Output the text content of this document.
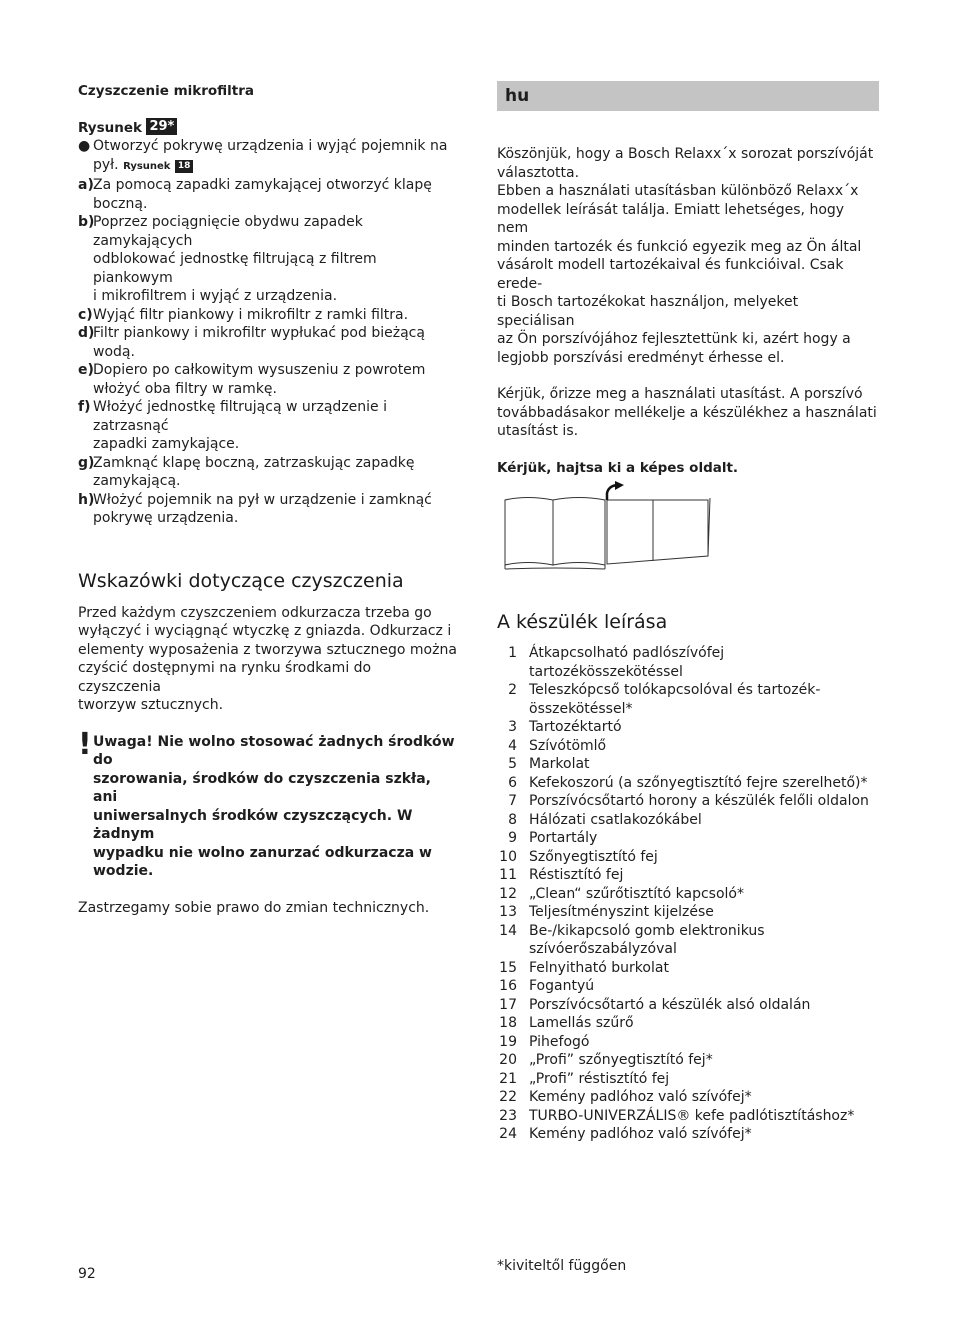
Czyszczenie mikrofiltra
Rysunek 29*
● Otworzyć pokrywę urządzenia i wyjąć pojemnik na pył. Rysunek 18
a) Za pomocą zapadki zamykającej otworzyć klapę
boczną.
b)
Poprzez pociągnięcie obydwu zapadek zamykających
odblokować jednostkę filtrującą z filtrem piankowym
i mikrofiltrem i wyjąć z urządzenia.
c) Wyjąć filtr piankowy i mikrofiltr z ramki filtra.
d)
Filtr piankowy i mikrofiltr wypłukać pod bieżącą
wodą.
e) Dopiero po całkowitym wysuszeniu z powrotem
włożyć oba filtry w ramkę.
f) Włożyć jednostkę filtrującą w urządzenie i zatrzasnąć
zapadki zamykające.
g)
Zamknąć klapę boczną, zatrzaskując zapadkę
zamykającą.
h)
Włożyć pojemnik na pył w urządzenie i zamknąć
pokrywę urządzenia.
Wskazówki dotyczące czyszczenia
Przed każdym czyszczeniem odkurzacza trzeba go
wyłączyć i wyciągnąć wtyczkę z gniazda. Odkurzacz i
elementy wyposażenia z tworzywa sztucznego można
czyścić dostępnymi na rynku środkami do czyszczenia
tworzyw sztucznych.
! Uwaga! Nie wolno stosować żadnych środków do
szorowania, środków do czyszczenia szkła, ani
uniwersalnych środków czyszczących. W żadnym
wypadku nie wolno zanurzać odkurzacza w wodzie.
Zastrzegamy sobie prawo do zmian technicznych.
hu
Köszönjük, hogy a Bosch Relaxx´x sorozat porszívóját
választotta.
Ebben a használati utasításban különböző Relaxx´x
modellek leírását találja. Emiatt lehetséges, hogy nem
minden tartozék és funkció egyezik meg az Ön által
vásárolt modell tartozékaival és funkcióival. Csak erede-
ti Bosch tartozékokat használjon, melyeket speciálisan
az Ön porszívójához fejlesztettünk ki, azért hogy a
legjobb porszívási eredményt érhesse el.
Kérjük, őrizze meg a használati utasítást. A porszívó
továbbadásakor mellékelje a készülékhez a használati
utasítást is.
Kérjük, hajtsa ki a képes oldalt.
A készülék leírása
1 Átkapcsolható padlószívófej tartozékösszekötéssel
2 Teleszkópcső tolókapcsolóval és tartozék-
összekötéssel*
3 Tartozéktartó
4 Szívótömlő
5 Markolat
6 Kefekoszorú (a szőnyegtisztító fejre szerelhető)*
7 Porszívócsőtartó horony a készülék felőli oldalon
8 Hálózati csatlakozókábel
9 Portartály
10 Szőnyegtisztító fej
11 Réstisztító fej
12 „Clean“ szűrőtisztító kapcsoló*
13 Teljesítményszint kijelzése
14 Be-/kikapcsoló gomb elektronikus
szívóerőszabályzóval
15 Felnyitható burkolat
16 Fogantyú
17 Porszívócsőtartó a készülék alsó oldalán
18 Lamellás szűrő
19 Pihefogó
20 „Profi” szőnyegtisztító fej*
21 „Profi” réstisztító fej
22 Kemény padlóhoz való szívófej*
23 TURBO-UNIVERZÁLIS® kefe padlótisztításhoz*
24 Kemény padlóhoz való szívófej*
92	*kiviteltől függően
